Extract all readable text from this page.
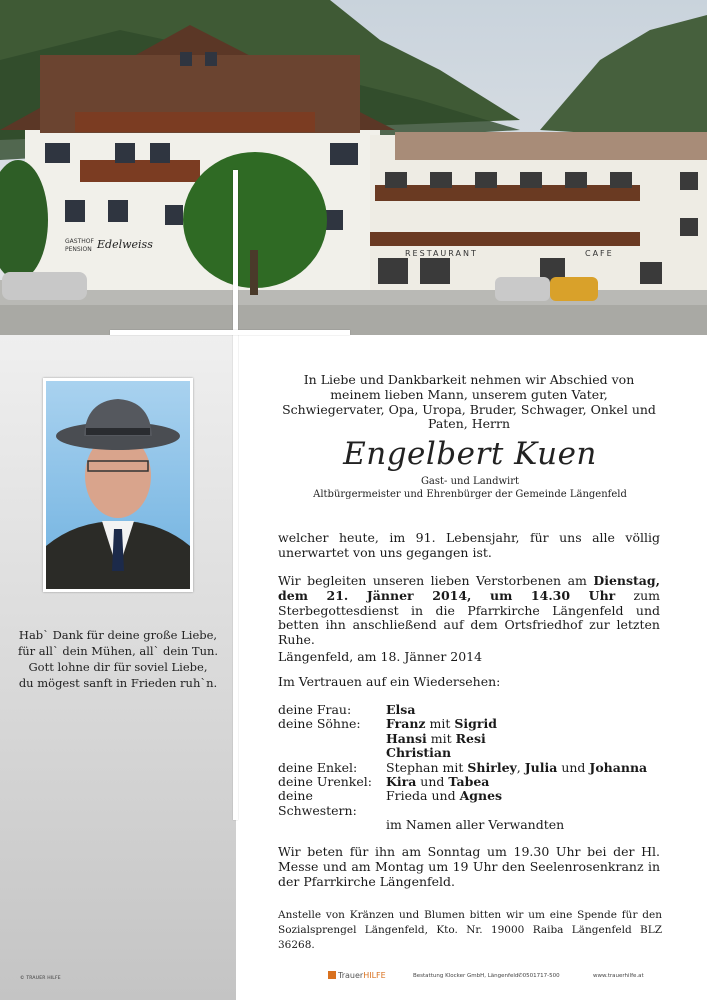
GASTHOF
PENSION Edelweiss
RESTAURANT	CAFE
Hab` Dank für deine große Liebe,
für all` dein Mühen, all` dein Tun.
Gott lohne dir für soviel Liebe,
du mögest sanft in Frieden ruh`n.
© TRAUER HILFE
In Liebe und Dankbarkeit nehmen wir Abschied von meinem lieben Mann, unserem guten Vater, Schwiegervater, Opa, Uropa, Bruder, Schwager, Onkel und Paten, Herrn
Engelbert Kuen
Gast- und Landwirt
Altbürgermeister und Ehrenbürger der Gemeinde Längenfeld
welcher heute, im 91. Lebensjahr, für uns alle völlig unerwartet von uns gegangen ist.
Wir begleiten unseren lieben Verstorbenen am Dienstag, dem 21. Jänner 2014, um 14.30 Uhr zum Sterbegottesdienst in die Pfarrkirche Längenfeld und betten ihn anschließend auf dem Ortsfriedhof zur letzten Ruhe.
Längenfeld, am 18. Jänner 2014
Im Vertrauen auf ein Wiedersehen:
deine Frau:	Elsa
deine Söhne:	Franz mit Sigrid
Hansi mit Resi
Christian
deine Enkel:	Stephan mit Shirley, Julia und Johanna
deine Urenkel:	Kira und Tabea
deine Schwestern:
Frieda und Agnes
im Namen aller Verwandten
Wir beten für ihn am Sonntag um 19.30 Uhr bei der Hl. Messe und am Montag um 19 Uhr den Seelenrosenkranz in der Pfarrkirche Längenfeld.
Anstelle von Kränzen und Blumen bitten wir um eine Spende für den Sozialsprengel Längenfeld, Kto. Nr. 19000 Raiba Längenfeld BLZ 36268.
TrauerHILFE	Bestattung Klocker GmbH, Längenfeld ✆0501717-500	www.trauerhilfe.at
